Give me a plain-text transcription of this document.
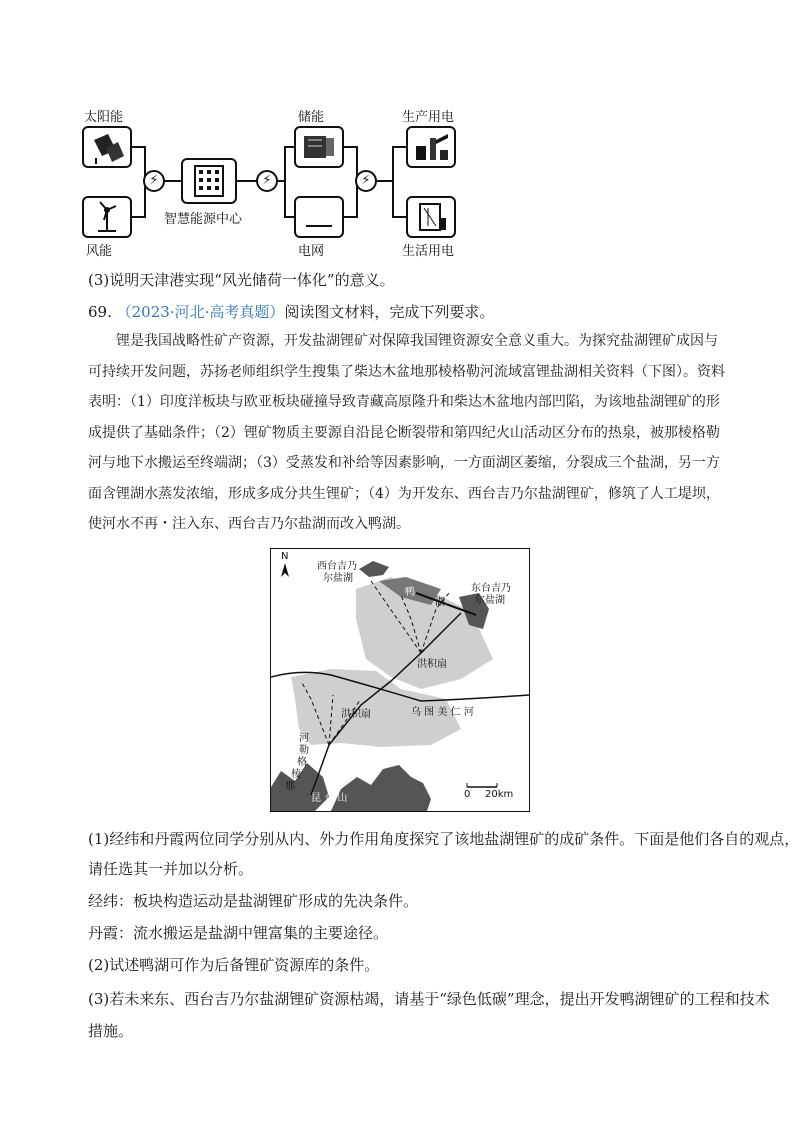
太阳能
风能
⚡
智慧能源中心
⚡
储能
电网
⚡
生产用电
生活用电
(3)说明天津港实现“风光储荷一体化”的意义。
69. （2023·河北·高考真题）阅读图文材料，完成下列要求。
锂是我国战略性矿产资源，开发盐湖锂矿对保障我国锂资源安全意义重大。为探究盐湖锂矿成因与
可持续开发问题，苏扬老师组织学生搜集了柴达木盆地那棱格勒河流域富锂盐湖相关资料（下图）。资料
表明：（1）印度洋板块与欧亚板块碰撞导致青藏高原隆升和柴达木盆地内部凹陷，为该地盐湖锂矿的形
成提供了基础条件；（2）锂矿物质主要源自沿昆仑断裂带和第四纪火山活动区分布的热泉，被那棱格勒
河与地下水搬运至终端湖；（3）受蒸发和补给等因素影响，一方面湖区萎缩，分裂成三个盐湖，另一方
面含锂湖水蒸发浓缩，形成多成分共生锂矿；（4）为开发东、西台吉乃尔盐湖锂矿，修筑了人工堤坝，
使河水不再・注入东、西台吉乃尔盐湖而改入鸭湖。
N
西台吉乃
尔盐湖
东台吉乃
尔盐湖
鸭
湖
洪积扇
洪积扇	乌 图 美 仁 河
河
勒
格
棱
那
昆 仑 山	0 20km
(1)经纬和丹霞两位同学分别从内、外力作用角度探究了该地盐湖锂矿的成矿条件。下面是他们各自的观点，
请任选其一并加以分析。
经纬：板块构造运动是盐湖锂矿形成的先决条件。
丹霞：流水搬运是盐湖中锂富集的主要途径。
(2)试述鸭湖可作为后备锂矿资源库的条件。
(3)若未来东、西台吉乃尔盐湖锂矿资源枯竭，请基于“绿色低碳”理念，提出开发鸭湖锂矿的工程和技术
措施。
